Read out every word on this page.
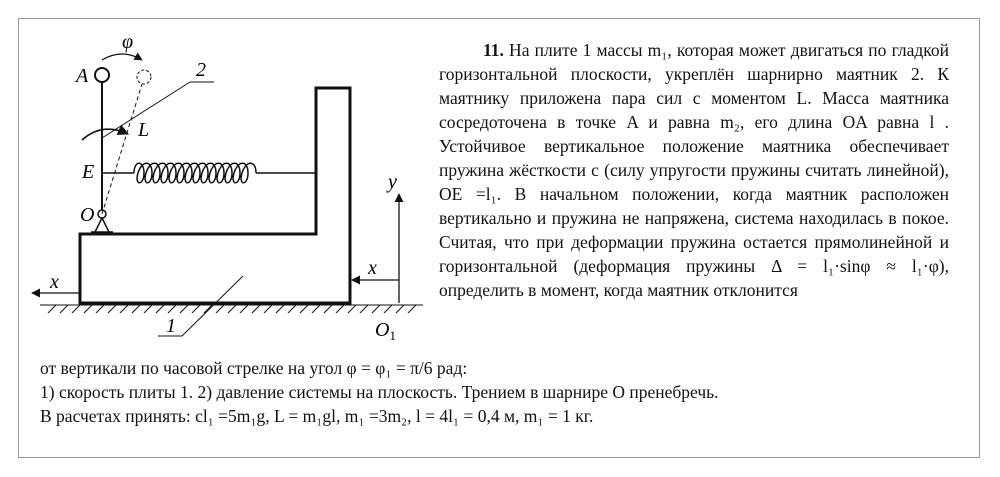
φ
A	2
L
E
O
y
x
x
1	$O_1$

11. На плите 1 массы m₁, которая может двигаться по гладкой горизонтальной плоскости, укреплён шарнирно маятник 2. К маятнику приложена пара сил с моментом L. Масса маятника сосредоточена в точке A и равна m₂, его длина OA равна l . Устойчивое вертикальное положение маятника обеспечивает пружина жёсткости c (силу упругости пружины считать линейной), OE =l₁. В начальном положении, когда маятник расположен вертикально и пружина не напряжена, система находилась в покое. Считая, что при деформации пружина остается прямолинейной и горизонтальной (деформация пружины Δ = l₁·sinφ ≈ l₁·φ), определить в момент, когда маятник отклонится

от вертикали по часовой стрелке на угол φ = φ₁ = π/6 рад:

1) скорость плиты 1. 2) давление системы на плоскость. Трением в шарнире O пренебречь.

В расчетах принять: cl₁ =5m₁g, L = m₁gl, m₁ =3m₂, l = 4l₁ = 0,4 м, m₁ = 1 кг.
